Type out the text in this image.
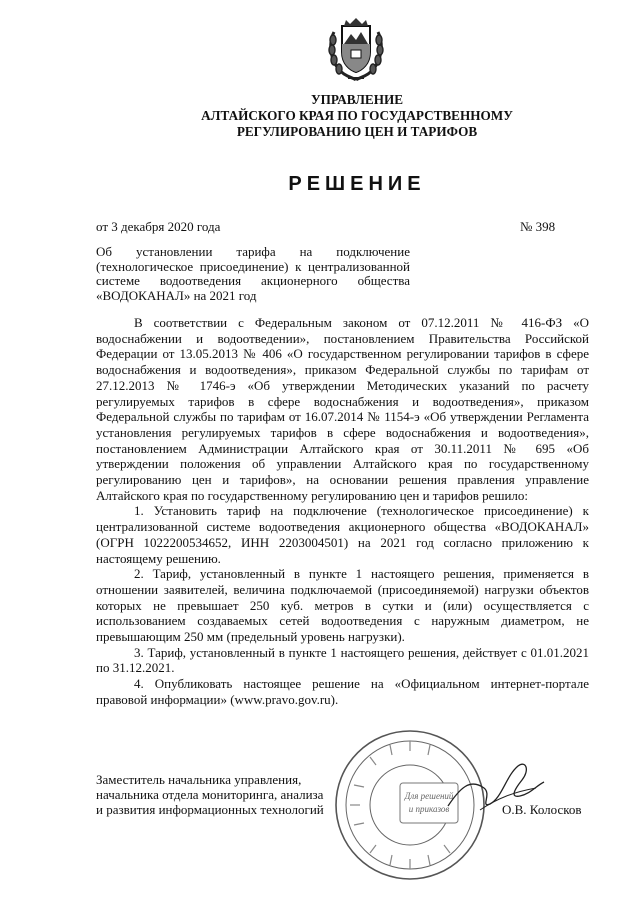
УПРАВЛЕНИЕ
АЛТАЙСКОГО КРАЯ ПО ГОСУДАРСТВЕННОМУ
РЕГУЛИРОВАНИЮ ЦЕН И ТАРИФОВ
РЕШЕНИЕ
от 3 декабря 2020 года	№ 398
Об установлении тарифа на подключение (технологическое присоединение) к централизованной системе водоотведения акционерного общества «ВОДОКАНАЛ» на 2021 год

В соответствии с Федеральным законом от 07.12.2011 № 416-ФЗ «О водоснабжении и водоотведении», постановлением Правительства Российской Федерации от 13.05.2013 № 406 «О государственном регулировании тарифов в сфере водоснабжения и водоотведения», приказом Федеральной службы по тарифам от 27.12.2013 № 1746-э «Об утверждении Методических указаний по расчету регулируемых тарифов в сфере водоснабжения и водоотведения», приказом Федеральной службы по тарифам от 16.07.2014 № 1154-э «Об утверждении Регламента установления регулируемых тарифов в сфере водоснабжения и водоотведения», постановлением Администрации Алтайского края от 30.11.2011 № 695 «Об утверждении положения об управлении Алтайского края по государственному регулированию цен и тарифов», на основании решения правления управление Алтайского края по государственному регулированию цен и тарифов решило:

1. Установить тариф на подключение (технологическое присоединение) к централизованной системе водоотведения акционерного общества «ВОДОКАНАЛ» (ОГРН 1022200534652, ИНН 2203004501) на 2021 год согласно приложению к настоящему решению.

2. Тариф, установленный в пункте 1 настоящего решения, применяется в отношении заявителей, величина подключаемой (присоединяемой) нагрузки объектов которых не превышает 250 куб. метров в сутки и (или) осуществляется с использованием создаваемых сетей водоотведения с наружным диаметром, не превышающим 250 мм (предельный уровень нагрузки).

3. Тариф, установленный в пункте 1 настоящего решения, действует с 01.01.2021 по 31.12.2021.

4. Опубликовать настоящее решение на «Официальном интернет-портале правовой информации» (www.pravo.gov.ru).

Для решений
и приказов
Заместитель начальника управления,
начальника отдела мониторинга, анализа
и развития информационных технологий	О.В. Колосков
